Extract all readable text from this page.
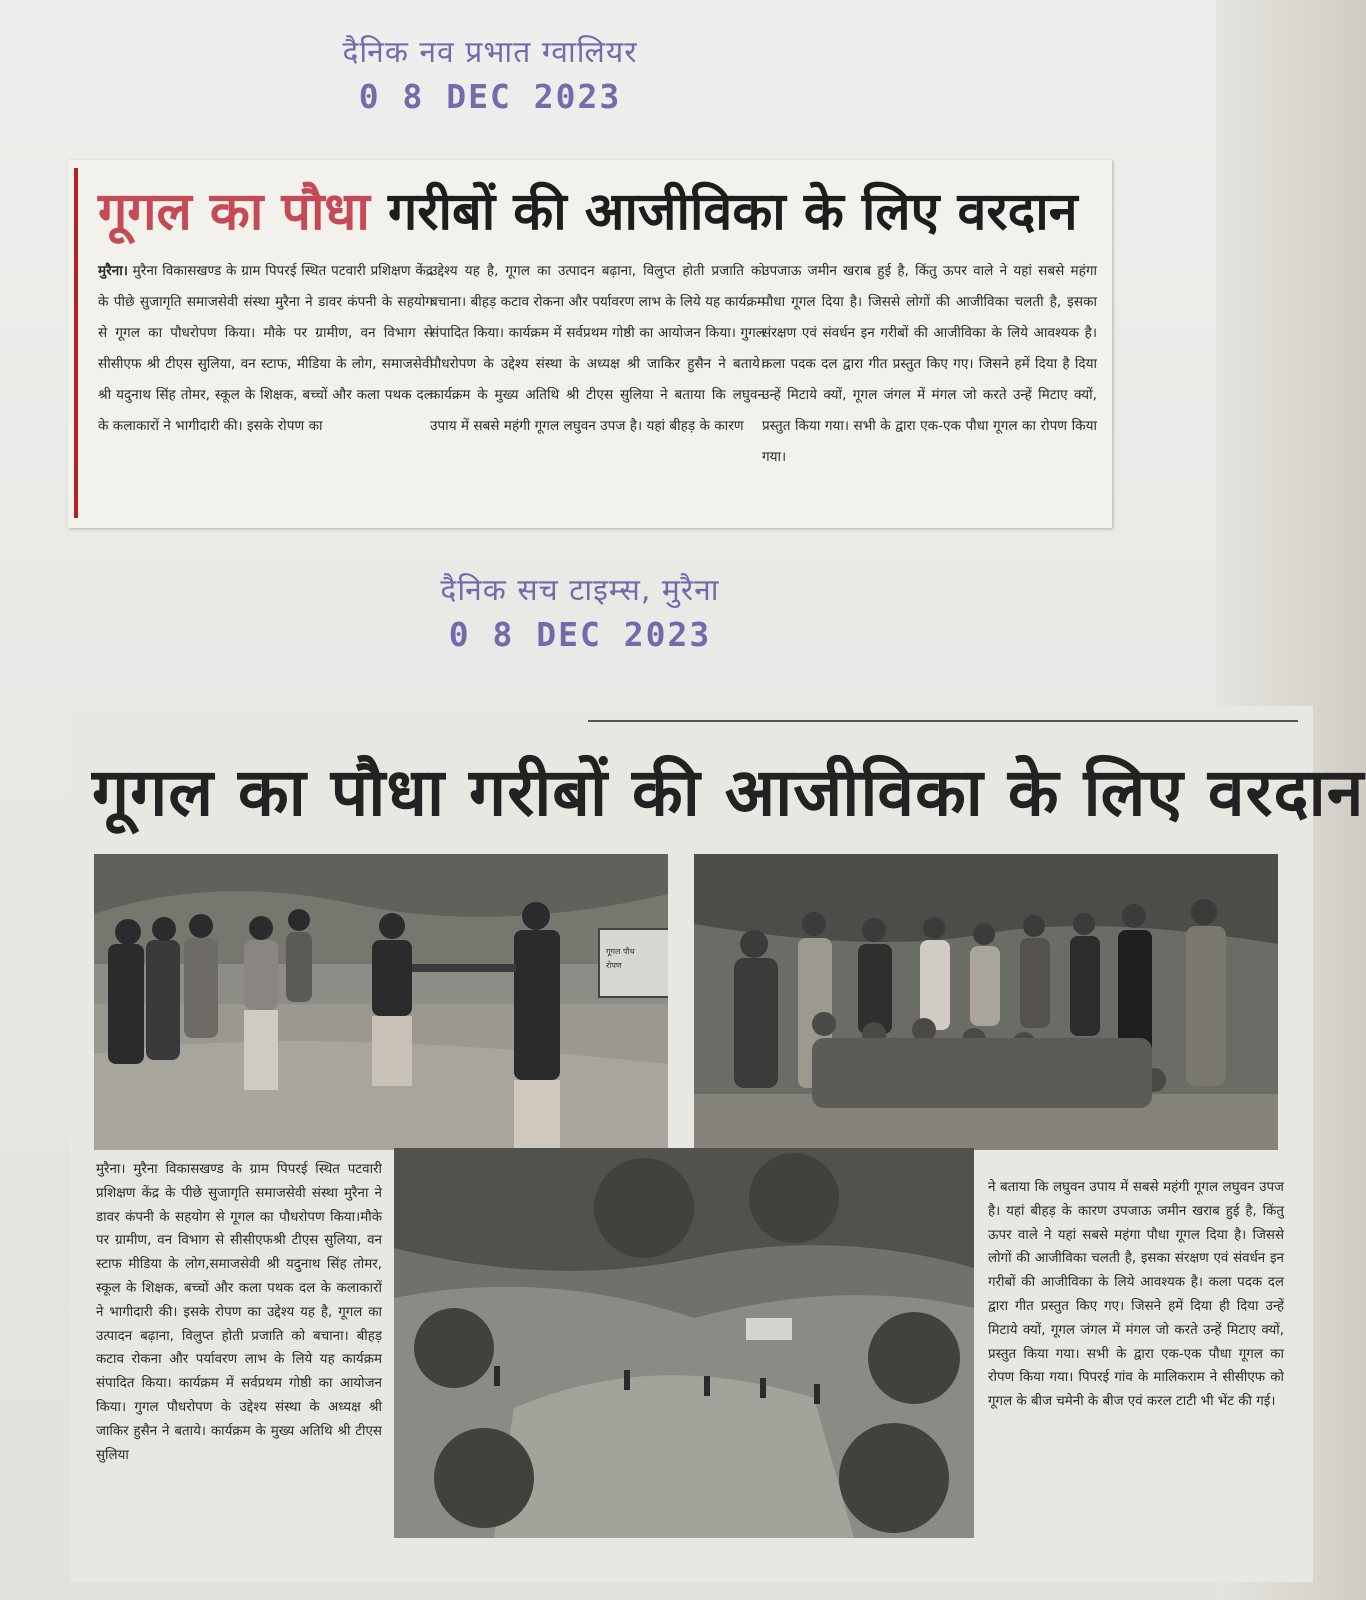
दैनिक नव प्रभात ग्वालियर
0 8 DEC 2023
गूगल का पौधा गरीबों की आजीविका के लिए वरदान
मुरैना। मुरैना विकासखण्ड के ग्राम पिपरई स्थित पटवारी प्रशिक्षण केंद्र के पीछे सुजागृति समाजसेवी संस्था मुरैना ने डावर कंपनी के सहयोग से गूगल का पौधरोपण किया। मौके पर ग्रामीण, वन विभाग से सीसीएफ श्री टीएस सुलिया, वन स्टाफ, मीडिया के लोग, समाजसेवी श्री यदुनाथ सिंह तोमर, स्कूल के शिक्षक, बच्चों और कला पथक दल के कलाकारों ने भागीदारी की। इसके रोपण का
उद्देश्य यह है, गूगल का उत्पादन बढ़ाना, विलुप्त होती प्रजाति को बचाना। बीहड़ कटाव रोकना और पर्यावरण लाभ के लिये यह कार्यक्रम संपादित किया। कार्यक्रम में सर्वप्रथम गोष्ठी का आयोजन किया। गुगल पौधरोपण के उद्देश्य संस्था के अध्यक्ष श्री जाकिर हुसैन ने बताये। कार्यक्रम के मुख्य अतिथि श्री टीएस सुलिया ने बताया कि लघुवन उपाय में सबसे महंगी गूगल लघुवन उपज है। यहां बीहड़ के कारण
उपजाऊ जमीन खराब हुई है, किंतु ऊपर वाले ने यहां सबसे महंगा पौधा गूगल दिया है। जिससे लोगों की आजीविका चलती है, इसका संरक्षण एवं संवर्धन इन गरीबों की आजीविका के लिये आवश्यक है। कला पदक दल द्वारा गीत प्रस्तुत किए गए। जिसने हमें दिया है दिया उन्हें मिटाये क्यों, गूगल जंगल में मंगल जो करते उन्हें मिटाए क्यों, प्रस्तुत किया गया। सभी के द्वारा एक-एक पौधा गूगल का रोपण किया गया।
दैनिक सच टाइम्स, मुरैना
0 8 DEC 2023
गूगल का पौधा गरीबों की आजीविका के लिए वरदान
गूगल पौध
रोपण
मुरैना। मुरैना विकासखण्ड के ग्राम पिपरई स्थित पटवारी प्रशिक्षण केंद्र के पीछे सुजागृति समाजसेवी संस्था मुरैना ने डावर कंपनी के सहयोग से गूगल का पौधरोपण किया।मौके पर ग्रामीण, वन विभाग से सीसीएफश्री टीएस सुलिया, वन स्टाफ मीडिया के लोग,समाजसेवी श्री यदुनाथ सिंह तोमर, स्कूल के शिक्षक, बच्चों और कला पथक दल के कलाकारों ने भागीदारी की। इसके रोपण का उद्देश्य यह है, गूगल का उत्पादन बढ़ाना, विलुप्त होती प्रजाति को बचाना। बीहड़ कटाव रोकना और पर्यावरण लाभ के लिये यह कार्यक्रम संपादित किया। कार्यक्रम में सर्वप्रथम गोष्ठी का आयोजन किया। गुगल पौधरोपण के उद्देश्य संस्था के अध्यक्ष श्री जाकिर हुसैन ने बताये। कार्यक्रम के मुख्य अतिथि श्री टीएस सुलिया
ने बताया कि लघुवन उपाय में सबसे महंगी गूगल लघुवन उपज है। यहां बीहड़ के कारण उपजाऊ जमीन खराब हुई है, किंतु ऊपर वाले ने यहां सबसे महंगा पौधा गूगल दिया है। जिससे लोगों की आजीविका चलती है, इसका संरक्षण एवं संवर्धन इन गरीबों की आजीविका के लिये आवश्यक है। कला पदक दल द्वारा गीत प्रस्तुत किए गए। जिसने हमें दिया ही दिया उन्हें मिटाये क्यों, गूगल जंगल में मंगल जो करते उन्हें मिटाए क्यों, प्रस्तुत किया गया। सभी के द्वारा एक-एक पौधा गूगल का रोपण किया गया। पिपरई गांव के मालिकराम ने सीसीएफ को गूगल के बीज चमेनी के बीज एवं करल टाटी भी भेंट की गई।
